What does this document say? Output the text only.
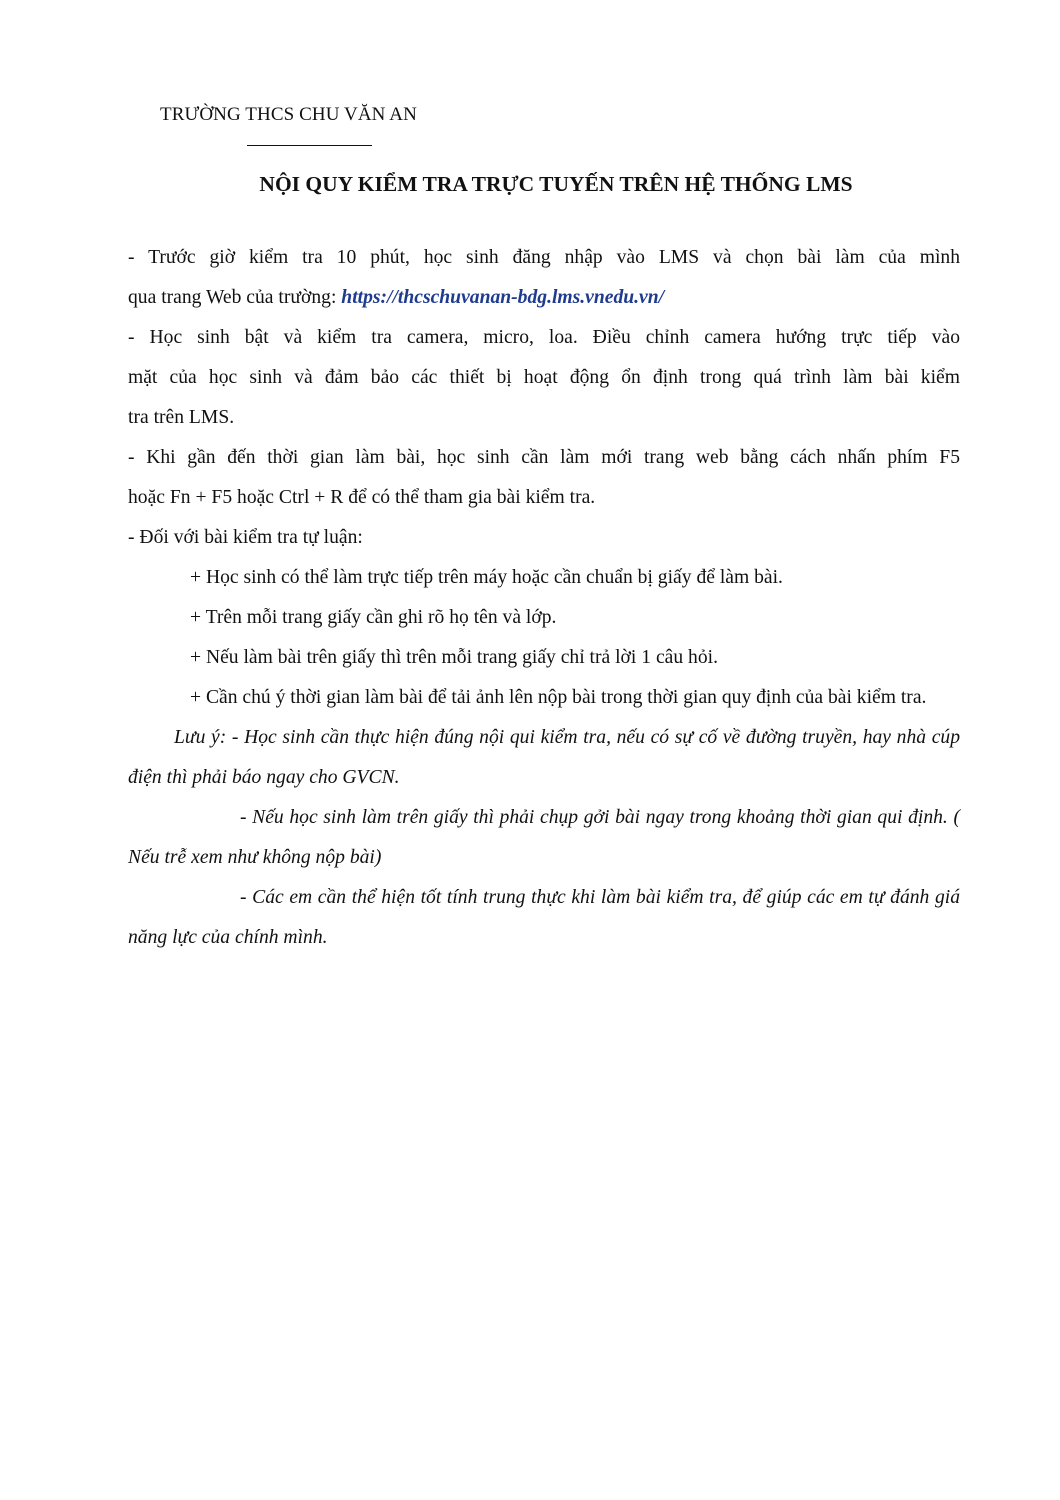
TRƯỜNG THCS CHU VĂN AN
NỘI QUY KIỂM TRA TRỰC TUYẾN TRÊN HỆ THỐNG LMS

- Trước giờ kiểm tra 10 phút, học sinh đăng nhập vào LMS và chọn bài làm của mình
qua trang Web của trường: https://thcschuvanan-bdg.lms.vnedu.vn/

- Học sinh bật và kiểm tra camera, micro, loa. Điều chỉnh camera hướng trực tiếp vào
mặt của học sinh và đảm bảo các thiết bị hoạt động ổn định trong quá trình làm bài kiểm
tra trên LMS.

- Khi gần đến thời gian làm bài, học sinh cần làm mới trang web bằng cách nhấn phím F5
hoặc Fn + F5 hoặc Ctrl + R để có thể tham gia bài kiểm tra.

- Đối với bài kiểm tra tự luận:

+ Học sinh có thể làm trực tiếp trên máy hoặc cần chuẩn bị giấy để làm bài.

+ Trên mỗi trang giấy cần ghi rõ họ tên và lớp.

+ Nếu làm bài trên giấy thì trên mỗi trang giấy chỉ trả lời 1 câu hỏi.

+ Cần chú ý thời gian làm bài để tải ảnh lên nộp bài trong thời gian quy định của bài kiểm tra.

Lưu ý: - Học sinh cần thực hiện đúng nội qui kiểm tra, nếu có sự cố về đường truyền, hay nhà cúp điện thì phải báo ngay cho GVCN.

- Nếu học sinh làm trên giấy thì phải chụp gởi bài ngay trong khoảng thời gian qui định. ( Nếu trễ xem như không nộp bài)

- Các em cần thể hiện tốt tính trung thực khi làm bài kiểm tra, để giúp các em tự đánh giá năng lực của chính mình.
